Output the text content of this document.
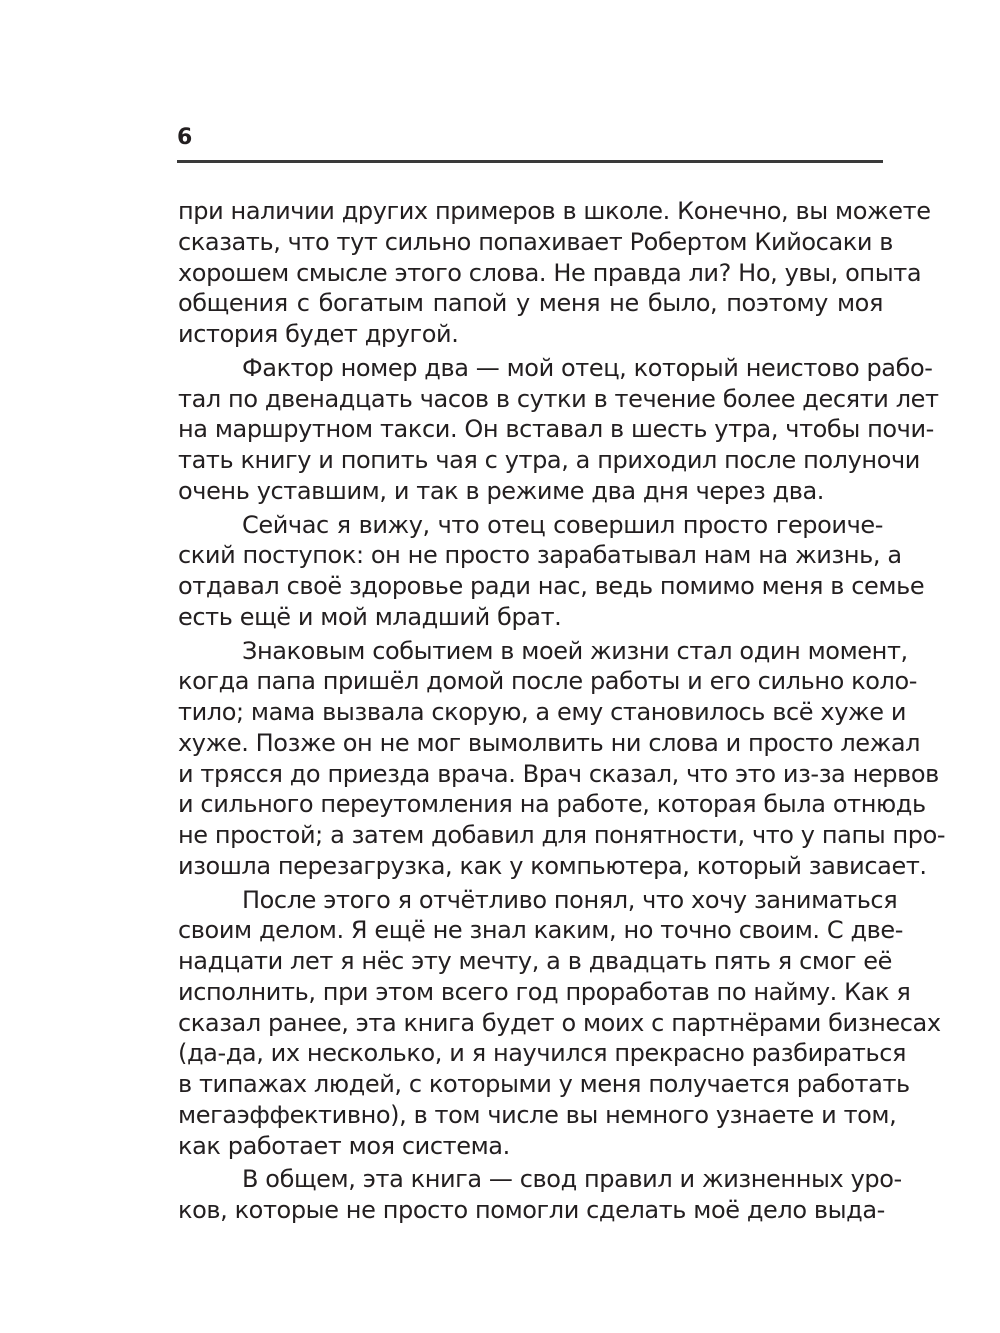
6
при наличии других примеров в школе. Конечно, вы можете
сказать, что тут сильно попахивает Робертом Кийосаки в
хорошем смысле этого слова. Не правда ли? Но, увы, опыта
общения с богатым папой у меня не было, поэтому моя
история будет другой.
Фактор номер два — мой отец, который неистово рабо-
тал по двенадцать часов в сутки в течение более десяти лет
на маршрутном такси. Он вставал в шесть утра, чтобы почи-
тать книгу и попить чая с утра, а приходил после полуночи
очень уставшим, и так в режиме два дня через два.
Сейчас я вижу, что отец совершил просто героиче-
ский поступок: он не просто зарабатывал нам на жизнь, а
отдавал своё здоровье ради нас, ведь помимо меня в семье
есть ещё и мой младший брат.
Знаковым событием в моей жизни стал один момент,
когда папа пришёл домой после работы и его сильно коло-
тило; мама вызвала скорую, а ему становилось всё хуже и
хуже. Позже он не мог вымолвить ни слова и просто лежал
и трясся до приезда врача. Врач сказал, что это из-за нервов
и сильного переутомления на работе, которая была отнюдь
не простой; а затем добавил для понятности, что у папы про-
изошла перезагрузка, как у компьютера, который зависает.
После этого я отчётливо понял, что хочу заниматься
своим делом. Я ещё не знал каким, но точно своим. С две-
надцати лет я нёс эту мечту, а в двадцать пять я смог её
исполнить, при этом всего год проработав по найму. Как я
сказал ранее, эта книга будет о моих с партнёрами бизнесах
(да-да, их несколько, и я научился прекрасно разбираться
в типажах людей, с которыми у меня получается работать
мегаэффективно), в том числе вы немного узнаете и том,
как работает моя система.
В общем, эта книга — свод правил и жизненных уро-
ков, которые не просто помогли сделать моё дело выда-
